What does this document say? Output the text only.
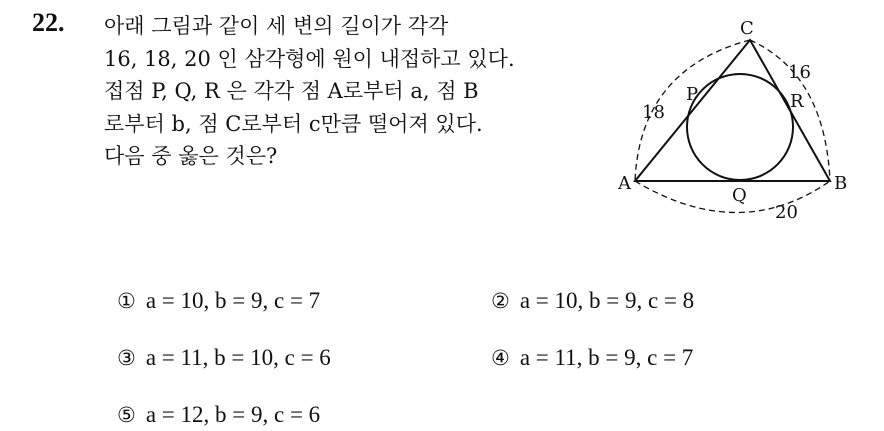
22. 아래 그림과 같이 세 변의 길이가 각각
16, 18, 20 인 삼각형에 원이 내접하고 있다.
접점 P, Q, R 은 각각 점 A로부터 a, 점 B
로부터 b, 점 C로부터 c만큼 떨어져 있다.
다음 중 옳은 것은?
A	B
C
P
Q
R
18
16
20
① a = 10, b = 9, c = 7	② a = 10, b = 9, c = 8
③ a = 11, b = 10, c = 6	④ a = 11, b = 9, c = 7
⑤ a = 12, b = 9, c = 6
